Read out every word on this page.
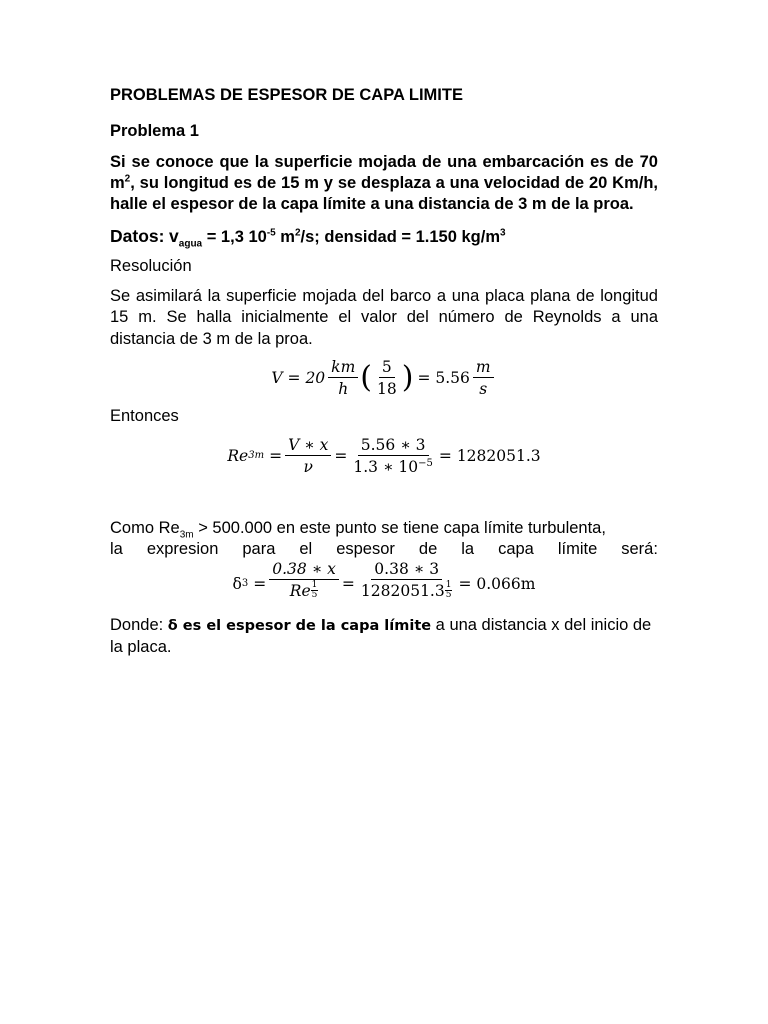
PROBLEMAS DE ESPESOR DE CAPA LIMITE
Problema 1
Si se conoce que la superficie mojada de una embarcación es de 70 $m^2$, su longitud es de 15 m y se desplaza a una velocidad de 20 Km/h, halle el espesor de la capa límite a una distancia de 3 m de la proa.
Datos: $v_{agua} = 1,3$ $10^{-5}$ $m^2/s$; densidad = 1.150 $kg/m^3$

Resolución

Se asimilará la superficie mojada del barco a una placa plana de longitud 15 m. Se halla inicialmente el valor del número de Reynolds a una distancia de 3 m de la proa.

$V = 20 \frac{km}{h}$ ( $\frac{5}{18}$ ) = $5.56 \frac{m}{s}$

Entonces

Re $3m = \frac{V ∗ x}{\nu} = \frac{5.56 ∗ 3}{1.3 ∗ 10^{-5}} = 1282051.3$
Como $Re_{3m} > 500.000$ en este punto se tiene capa límite turbulenta,
la expresion para el espesor de la capa límite será:
δ $3 = \frac{0.38 ∗ x}{Re \frac{1}{5}} = \frac{0.38 ∗ 3}{1282051.3 \frac{1}{5}} = 0.066m$

Donde: δ es el espesor de la capa límite a una distancia x del inicio de la placa.
